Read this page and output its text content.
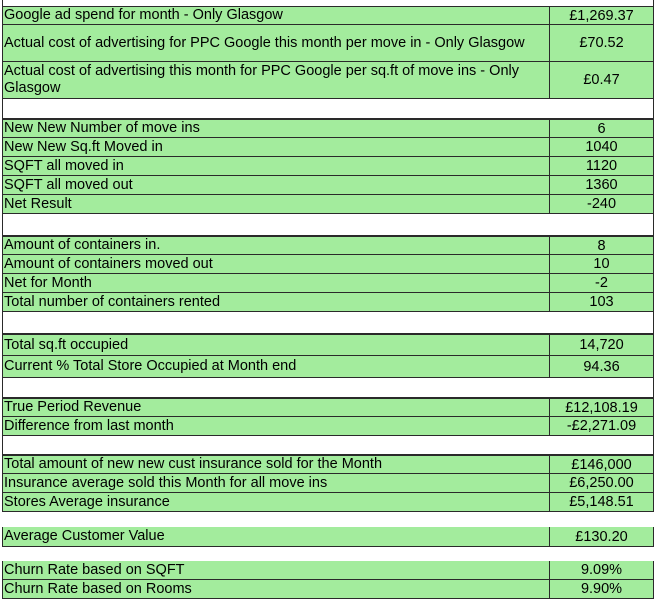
Google ad spend for month - Only Glasgow	£1,269.37
Actual cost of advertising for PPC Google this month per move in - Only Glasgow	£70.52
Actual cost of advertising this month for PPC Google per sq.ft of move ins - Only Glasgow	£0.47
New New Number of move ins	6
New New Sq.ft Moved in	1040
SQFT all moved in	1120
SQFT all moved out	1360
Net Result	-240
Amount of containers in.	8
Amount of containers moved out	10
Net for Month	-2
Total number of containers rented	103
Total sq.ft occupied	14,720
Current % Total Store Occupied at Month end	94.36
True Period Revenue	£12,108.19
Difference from last month	-£2,271.09
Total amount of new new cust insurance sold for the Month	£146,000
Insurance average sold this Month for all move ins	£6,250.00
Stores Average insurance	£5,148.51
Average Customer Value	£130.20
Churn Rate based on SQFT	9.09%
Churn Rate based on Rooms	9.90%
